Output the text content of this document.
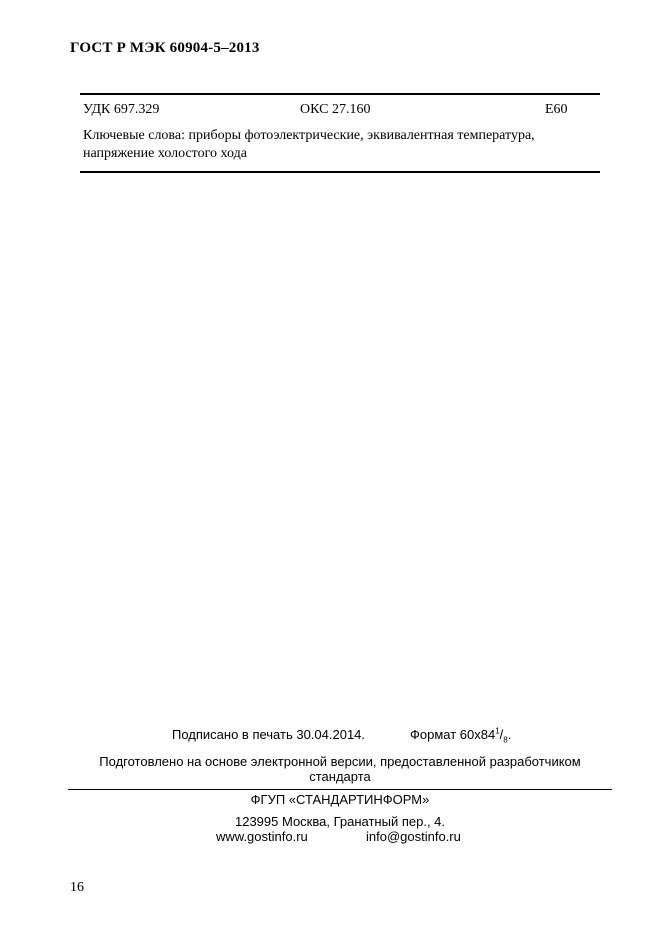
ГОСТ Р МЭК 60904-5–2013
УДК 697.329	ОКС 27.160	Е60
Ключевые слова: приборы фотоэлектрические, эквивалентная температура, напряжение холостого хода
Подписано в печать 30.04.2014.	Формат $60х84^1/_8$.
Подготовлено на основе электронной версии, предоставленной разработчиком стандарта
ФГУП «СТАНДАРТИНФОРМ»
123995 Москва, Гранатный пер., 4.
www.gostinfo.ru	info@gostinfo.ru
16
